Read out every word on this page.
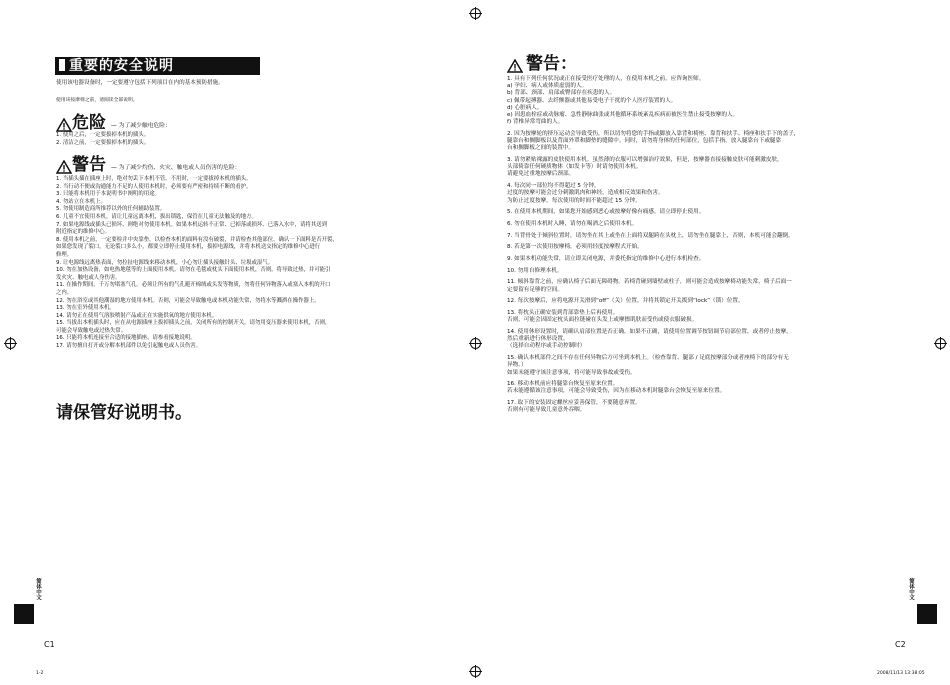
重要的安全说明
使用该电器设备时，一定要遵守包括下列项目在内的基本预防措施。
使用该按摩椅之前，请阅读全部说明。
危险 — 为了减少触电危险：
1. 使用之后，一定要拔掉本机的插头。
2. 清洁之前，一定要拔掉本机的插头。
警告 — 为了减少灼伤、火灾、触电或人员伤害的危险：
1. 当插头插在插座上时，绝对勿丢下本机不管。不用时，一定要拔掉本机的插头。
2. 当行动不便或沟通能力不足的人使用本机时，必须要有严密和持续不断的看护。
3. 只能将本机用于本说明书中阐明的用途。
4. 勿站立在本机上。
5. 勿使用制造商所推荐以外的任何辅助装置。
6. 儿童不宜使用本机。请让儿童远离本机，拔出锁匙，保管在儿童无法触及的地方。
7. 如果电源线或插头已损坏、则绝对勿使用本机。如果本机运转不正常、已掉落或损坏、已落入水中，请将其送到
附近指定的维修中心。
8. 使用本机之前，一定要检并中央靠垫，以检查本机的面料有没有破裂，并请检查其他部位，确认一下面料是否开裂，
如果您发现了裂口，无论裂口多么小，都要立即停止使用本机，拔掉电源线，并将本机送交指定的维修中心进行
修理。
9. 让电源线远离热表面，勿拉扯电源线来移动本机，小心勿让插头接触针头、垃圾或湿气。
10. 勿在加热设备，如电热地毯等的上面使用本机。请勿在毛毯或枕头下面使用本机，否则，将导致过热，并可能引
发火灾、触电或人身伤害。
11. 在操作期间，千万勿堵塞气孔。必须让所有的气孔避开棉绒或头发等物质，勿将任何异物落入或塞入本机的开口
之内。
12. 勿在浴室或其他潮湿的地方使用本机。否则，可能会导致触电或本机功能失常，勿将水等溅洒在操作器上。
13. 勿在室外使用本机。
14. 请勿正在使用气溶胶喷射产品或正在实施供氧的地方使用本机。
15. 当拔出本机插头时，应在从电源插座上拔掉插头之前，关闭所有的控制开关，请勿用变压器来使用本机，否则，
可能会导致触电或过热失常。
16. 只能将本机连接至合适的接地插座，请参看接地说明。
17. 请勿擅自打开或分解本机部件以免引起触电或人员伤害。
请保管好说明书。
简体中文
C1
1-2
警告：
1. 具有下列任何状况或正在接受医疗处理的人，在使用本机之前，应咨询医师。
a) 孕妇、病人或体质虚弱的人。
b) 背部、颈部、肩部或臀部存在疾患的人。
c) 佩带起搏器、去纤颤器或其他易受电子干扰的个人医疗装置的人。
d) 心脏病人。
e) 因患血栓症或动脉瘤、急性静脉曲张或其他循环系统紊乱疾病而被医生禁止接受按摩的人。
f) 背椎异常弯曲的人。
2. 因为按摩轮的挤压运动会导致受伤，所以切勿将您的手指或脚放入靠背和椅座、靠背和扶手、椅座和扶手下的盖子，
腿靠台和搁脚板以及背面外罩和脚垫的缝隙中。同时，请勿将身体的任何部位，包括手指，放入腿靠台下或腿靠
台和搁脚板之间的装置中。
3. 请勿紧贴裸露的皮肤使用本机。虽然薄的衣服可以增强治疗效果，但是，按摩器直接接触皮肤可能刺激皮肤。
头部倚靠任何硬质物体（如发卡等）时请勿使用本机。
请避免过重地按摩后颈部。
4. 每次同一部位均不得超过 5 分钟。
过度的按摩可能会过分刺激肌肉和神经，造成相反效果和伤害。
为防止过度按摩，每次使用的时间不能超过 15 分钟。
5. 在使用本机期间，如果您开始感到恶心或按摩好像有痛感，请立即停止使用。
6. 勿在使用本机时入睡，请勿在喝酒之后使用本机。
7. 当背骨处于倾斜位置时，请勿坐在其上或坐在上面将双腿跨在头枕上，请勿坐在腿靠上，否则，本机可能会翻倒。
8. 若是第一次使用按摩椅，必须用轻度按摩程式开始。
9. 如果本机功能失常，请立即关闭电源，并委托指定的维修中心进行本机检查。
10. 勿用自修理本机。
11. 倾斜靠背之前，应确认椅子后面无障碍物。若椅背碰到墙壁或柱子，则可能会造成按摩椅功能失常，椅子后面一
定要留有足够的空间。
12. 每次按摩后，应将电源开关滑到“off”（关）位置，并将其锁定开关拨到“lock”（锁）位置。
13. 将枕头正确安装到背部靠垫上后再使用。
否则，可能会因固定枕头面拉链碰在头发上或摩擦肌肤而受伤或使衣服破损。
14. 使用休形设置时，请确认肩部位置是否正确。如果不正确，请使用位置调节按钮调节肩部位置，或者停止按摩，
然后重新进行休形设置。
（选择自动程序或手动控制时）
15. 确认本机部件之间不存在任何异物后方可坐到本机上。（检查靠背、腿部 / 足底按摩部分或者座椅下的部分有无
异物。）
如果未能遵守该注意事项，将可能导致事故或受伤。
16. 移动本机前应将腿靠台恢复至原来位置。
若未能遵循该注意事项，可能会导致受伤，因为在移动本机时腿靠台会恢复至原来位置。
17. 取下的安装固定螺丝应妥善保管，不要随意弃置。
否则有可能导致儿童意外吞咽。
简体中文
C2
2008/11/13 13:38:05
